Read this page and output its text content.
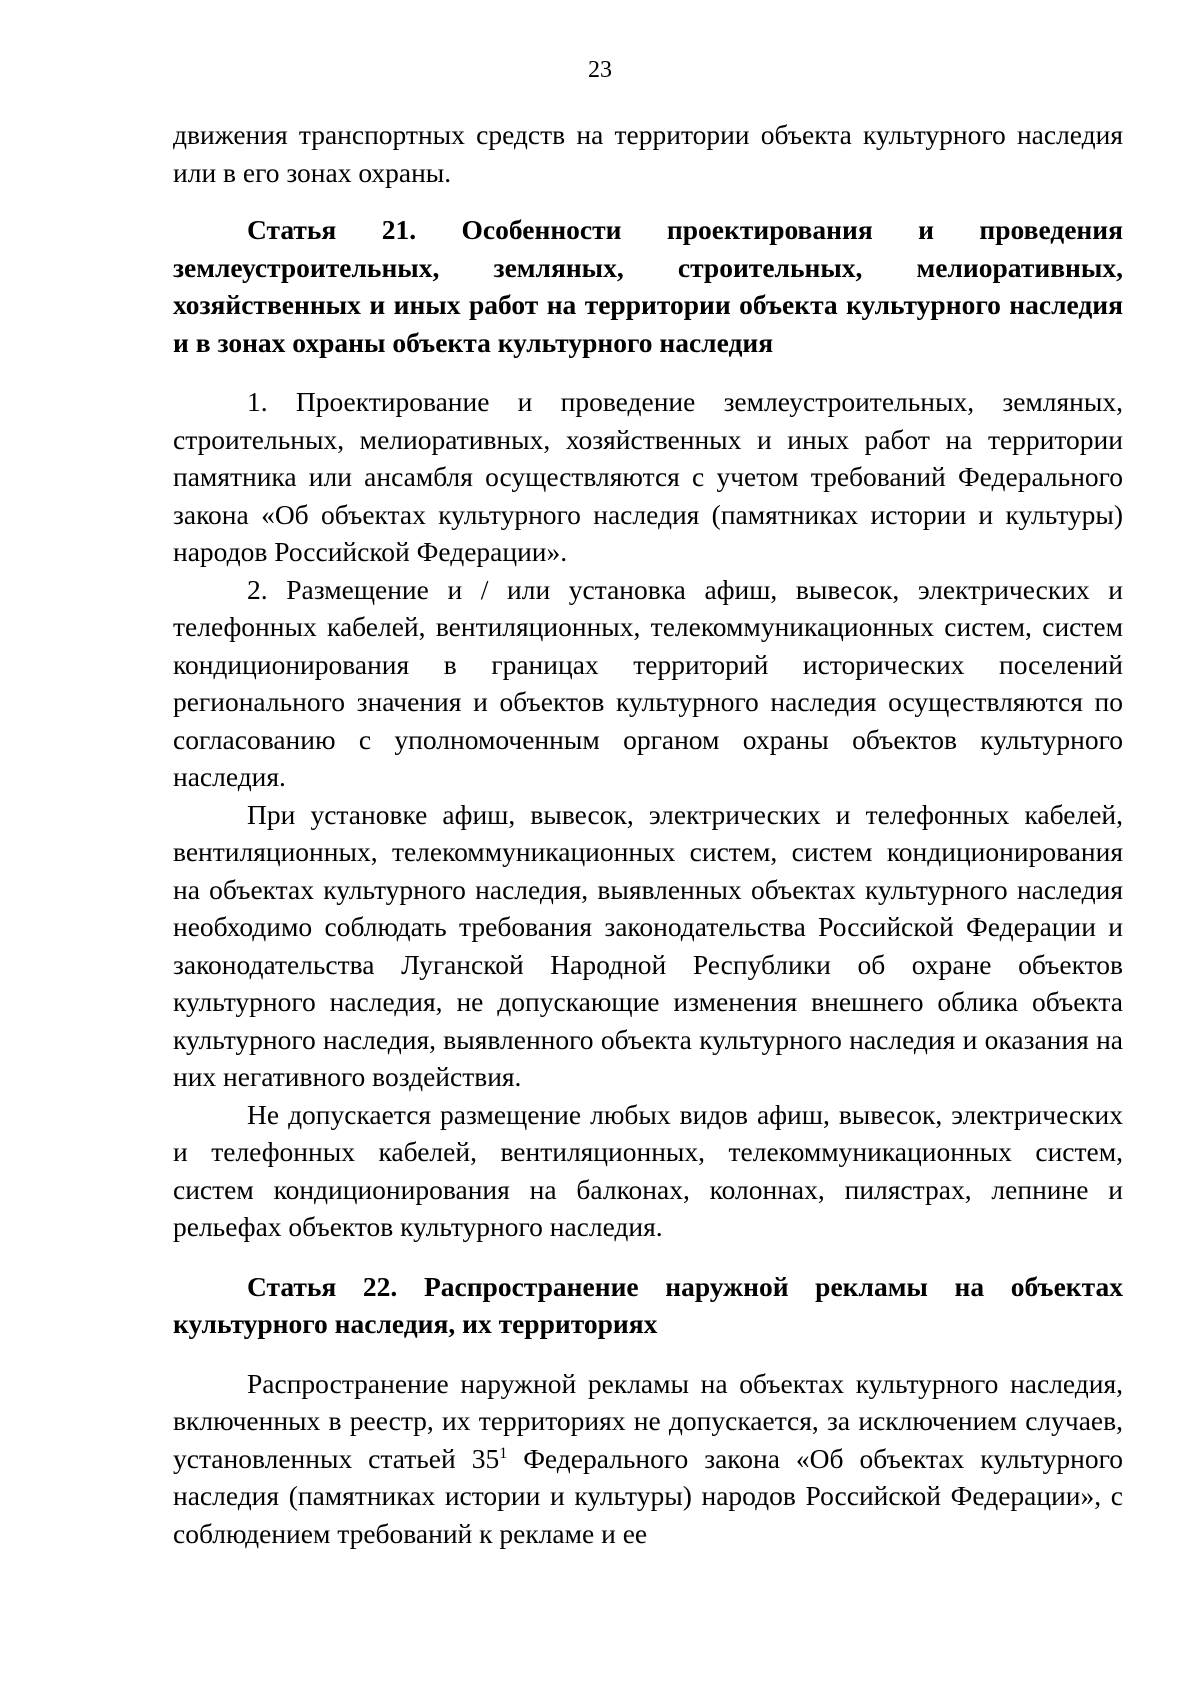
23

движения транспортных средств на территории объекта культурного наследия или в его зонах охраны.

Статья 21. Особенности проектирования и проведения землеустроительных, земляных, строительных, мелиоративных, хозяйственных и иных работ на территории объекта культурного наследия и в зонах охраны объекта культурного наследия

1. Проектирование и проведение землеустроительных, земляных, строительных, мелиоративных, хозяйственных и иных работ на территории памятника или ансамбля осуществляются с учетом требований Федерального закона «Об объектах культурного наследия (памятниках истории и культуры) народов Российской Федерации».

2. Размещение и / или установка афиш, вывесок, электрических и телефонных кабелей, вентиляционных, телекоммуникационных систем, систем кондиционирования в границах территорий исторических поселений регионального значения и объектов культурного наследия осуществляются по согласованию с уполномоченным органом охраны объектов культурного наследия.

При установке афиш, вывесок, электрических и телефонных кабелей, вентиляционных, телекоммуникационных систем, систем кондиционирования на объектах культурного наследия, выявленных объектах культурного наследия необходимо соблюдать требования законодательства Российской Федерации и законодательства Луганской Народной Республики об охране объектов культурного наследия, не допускающие изменения внешнего облика объекта культурного наследия, выявленного объекта культурного наследия и оказания на них негативного воздействия.

Не допускается размещение любых видов афиш, вывесок, электрических и телефонных кабелей, вентиляционных, телекоммуникационных систем, систем кондиционирования на балконах, колоннах, пилястрах, лепнине и рельефах объектов культурного наследия.

Статья 22. Распространение наружной рекламы на объектах культурного наследия, их территориях

Распространение наружной рекламы на объектах культурного наследия, включенных в реестр, их территориях не допускается, за исключением случаев, установленных статьей $35^1$ Федерального закона «Об объектах культурного наследия (памятниках истории и культуры) народов Российской Федерации», с соблюдением требований к рекламе и ее
